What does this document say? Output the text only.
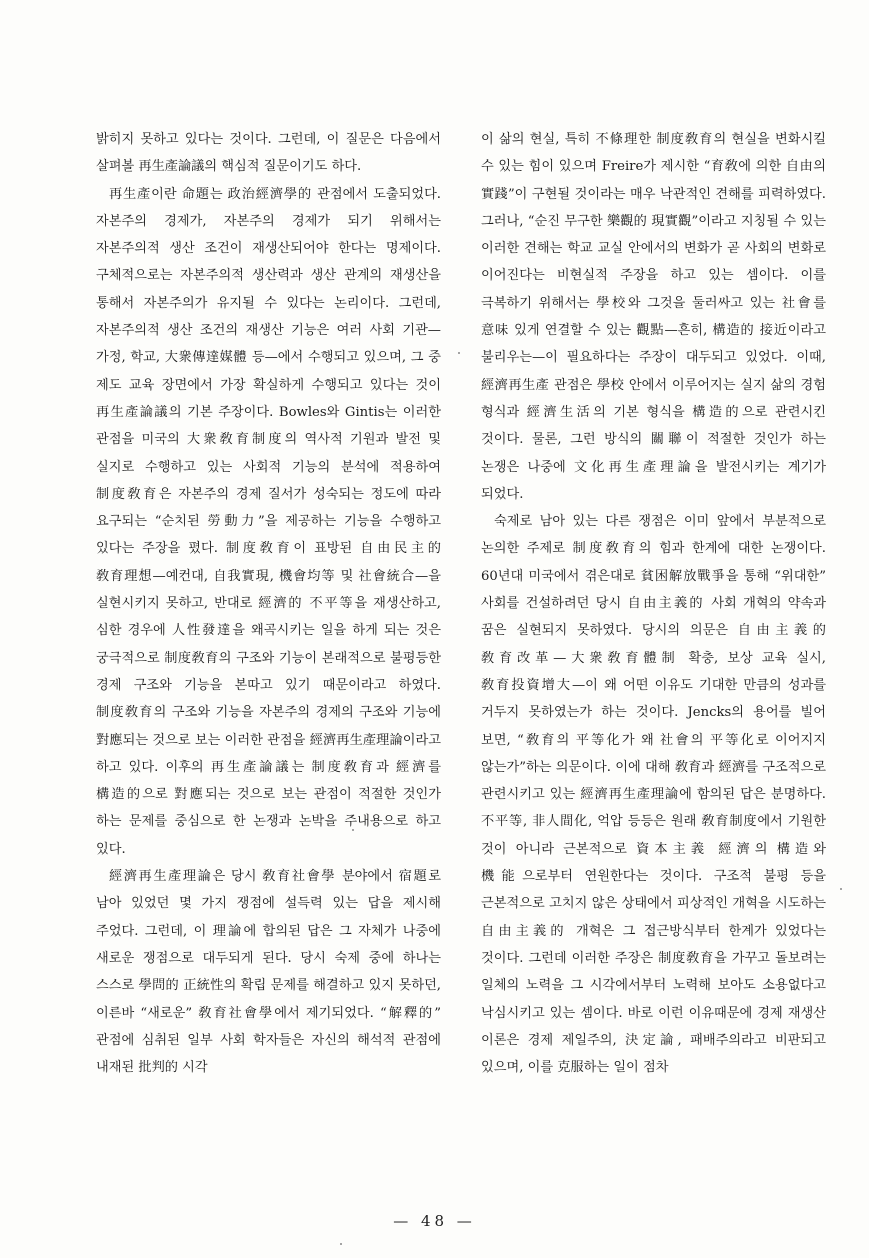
밝히지 못하고 있다는 것이다. 그런데, 이 질문은 다음에서 살펴볼 再生產論議의 핵심적 질문이기도 하다.

再生產이란 命題는 政治經濟學的 관점에서 도출되었다. 자본주의 경제가, 자본주의 경제가 되기 위해서는 자본주의적 생산 조건이 재생산되어야 한다는 명제이다. 구체적으로는 자본주의적 생산력과 생산 관계의 재생산을 통해서 자본주의가 유지될 수 있다는 논리이다. 그런데, 자본주의적 생산 조건의 재생산 기능은 여러 사회 기관—가정, 학교, 大衆傳達媒體 등—에서 수행되고 있으며, 그 중 제도 교육 장면에서 가장 확실하게 수행되고 있다는 것이 再生產論議의 기본 주장이다. Bowles와 Gintis는 이러한 관점을 미국의 大衆敎育制度의 역사적 기원과 발전 및 실지로 수행하고 있는 사회적 기능의 분석에 적용하여 制度敎育은 자본주의 경제 질서가 성숙되는 정도에 따라 요구되는 “순치된 勞動力”을 제공하는 기능을 수행하고 있다는 주장을 폈다. 制度敎育이 표방된 自由民主的 敎育理想—예컨대, 自我實現, 機會均等 및 社會統合—을 실현시키지 못하고, 반대로 經濟的 不平等을 재생산하고, 심한 경우에 人性發達을 왜곡시키는 일을 하게 되는 것은 궁극적으로 制度敎育의 구조와 기능이 본래적으로 불평등한 경제 구조와 기능을 본따고 있기 때문이라고 하였다. 制度敎育의 구조와 기능을 자본주의 경제의 구조와 기능에 對應되는 것으로 보는 이러한 관점을 經濟再生產理論이라고 하고 있다. 이후의 再生產論議는 制度敎育과 經濟를 構造的으로 對應되는 것으로 보는 관점이 적절한 것인가 하는 문제를 중심으로 한 논쟁과 논박을 주내용으로 하고 있다.

經濟再生產理論은 당시 敎育社會學 분야에서 宿題로 남아 있었던 몇 가지 쟁점에 설득력 있는 답을 제시해 주었다. 그런데, 이 理論에 합의된 답은 그 자체가 나중에 새로운 쟁점으로 대두되게 된다. 당시 숙제 중에 하나는 스스로 學問的 正統性의 확립 문제를 해결하고 있지 못하던, 이른바 “새로운” 敎育社會學에서 제기되었다. “解釋的” 관점에 심취된 일부 사회 학자들은 자신의 해석적 관점에 내재된 批判的 시각

이 삶의 현실, 특히 不條理한 制度敎育의 현실을 변화시킬 수 있는 힘이 있으며 Freire가 제시한 “育敎에 의한 自由의 實踐”이 구현될 것이라는 매우 낙관적인 견해를 피력하였다. 그러나, “순진 무구한 樂觀的 現實觀”이라고 지칭될 수 있는 이러한 견해는 학교 교실 안에서의 변화가 곧 사회의 변화로 이어진다는 비현실적 주장을 하고 있는 셈이다. 이를 극복하기 위해서는 學校와 그것을 둘러싸고 있는 社會를 意味 있게 연결할 수 있는 觀點—흔히, 構造的 接近이라고 불리우는—이 필요하다는 주장이 대두되고 있었다. 이때, 經濟再生產 관점은 學校 안에서 이루어지는 실지 삶의 경험 형식과 經濟生活의 기본 형식을 構造的으로 관련시킨 것이다. 물론, 그런 방식의 關聯이 적절한 것인가 하는 논쟁은 나중에 文化再生產理論을 발전시키는 계기가 되었다.

숙제로 남아 있는 다른 쟁점은 이미 앞에서 부분적으로 논의한 주제로 制度敎育의 힘과 한계에 대한 논쟁이다. 60년대 미국에서 겪은대로 貧困解放戰爭을 통해 “위대한” 사회를 건설하려던 당시 自由主義的 사회 개혁의 약속과 꿈은 실현되지 못하였다. 당시의 의문은 自由主義的 敎育改革—大衆敎育體制 확충, 보상 교육 실시, 敎育投資增大—이 왜 어떤 이유도 기대한 만큼의 성과를 거두지 못하였는가 하는 것이다. Jencks의 용어를 빌어 보면, “敎育의 平等化가 왜 社會의 平等化로 이어지지 않는가”하는 의문이다. 이에 대해 敎育과 經濟를 구조적으로 관련시키고 있는 經濟再生產理論에 함의된 답은 분명하다. 不平等, 非人間化, 억압 등등은 원래 敎育制度에서 기원한 것이 아니라 근본적으로 資本主義 經濟의 構造와 機能으로부터 연원한다는 것이다. 구조적 불평 등을 근본적으로 고치지 않은 상태에서 피상적인 개혁을 시도하는 自由主義的 개혁은 그 접근방식부터 한계가 있었다는 것이다. 그런데 이러한 주장은 制度敎育을 가꾸고 돌보려는 일체의 노력을 그 시각에서부터 노력해 보아도 소용없다고 낙심시키고 있는 셈이다. 바로 이런 이유때문에 경제 재생산 이론은 경제 제일주의, 決定論, 패배주의라고 비판되고 있으며, 이를 克服하는 일이 점차

— 48 —
